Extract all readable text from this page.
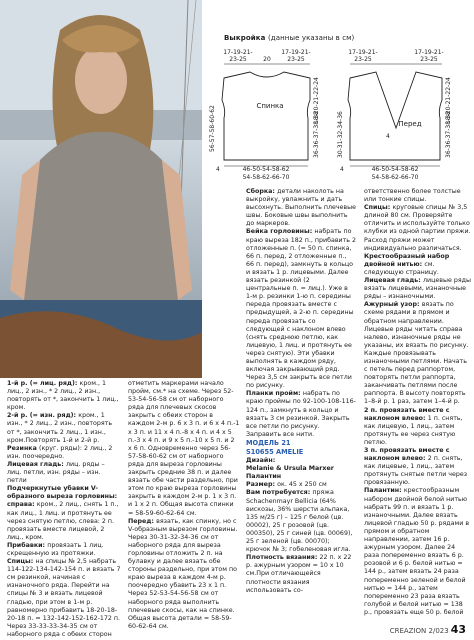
Выкройка (данные указаны в см)
17-19-21-
23-25	20
17-19-21-
23-25
Спинка
56-57-58-60-62
18-20-21-22-24
36-36-37-38-38
46-50-54-58-62
54-58-62-66-70
4
17-19-21-
23-25
17-19-21-
23-25
Перед
30-31-32-34-36
18-20-21-22-24
36-36-37-38-38
46-50-54-58-62
54-58-62-66-70
4
4

1-й р. (= лиц. ряд): кром., 1 лиц., 2 изн., * 2 лиц., 2 изн., повторять от *, закончить 1 лиц., кром.

2-й р. (= изн. ряд): кром., 1 изн., * 2 лиц., 2 изн., повторять от *, закончить 2 лиц., 1 изн., кром.Повторять 1-й и 2-й р.

Резинка (круг. ряды): 2 лиц., 2 изн. поочередно.

Лицевая гладь: лиц. ряды – лиц. петли, изн. ряды – изн. петли

Подчеркнутые убавки V-образного выреза горловины: справа: кром., 2 лиц., снять 1 п., как лиц., 1 лиц. и протянуть ее через снятую петлю, слева: 2 п. провязать вместе лицевой, 2 лиц., кром.

Прибавки: провязать 1 лиц. скрещенную из протяжки.

Спицы: на спицы № 2,5 набрать 114-122-134-142-154 п. и вязать 7 см резинкой, начиная с изнаночного ряда. Перейти на спицы № 3 и вязать лицевой гладью, при этом в 1-м р. равномерно прибавить 18-20-18-20-18 п. = 132-142-152-162-172 п. Через 33-33-33-34-35 см от наборного ряда с обеих сторон

отметить маркерами начало пройм, см.* на схеме. Через 52-53-54-56-58 см от наборного ряда для плечевых скосов закрыть с обеих сторон в каждом 2-м р. 6 х 3 п. и 6 х 4 п.-1 х 3 п. и 11 х 4 п.-8 х 4 п. и 4 х 5 п.-3 х 4 п. и 9 х 5 п.-10 х 5 п. и 2 х 6 п. Одновременно через 56-57-58-60-62 см от наборного ряда для выреза горловины закрыть средние 38 п. и далее вязать обе части раздельно, при этом по краю выреза горловины закрыть в каждом 2-м р. 1 х 3 п. и 1 х 2 п. Общая высота спинки = 58-59-60-62-64 см.

Перед: вязать, как спинку, но с V-образным вырезом горловины. Через 30-31-32-34-36 см от наборного ряда для выреза горловины отложить 2 п. на булавку и далее вязать обе стороны раздельно, при этом по краю выреза в каждом 4-м р. поочередно убавить 23 х 1 п. Через 52-53-54-56-58 см от наборного ряда выполнить плечевые скосы, как на спинке. Общая высота детали = 58-59-60-62-64 см.

Сборка: детали наколоть на выкройку, увлажнить и дать высохнуть. Выполнить плечевые швы. Боковые швы выполнить до маркеров.

Бейка горловины: набрать по краю выреза 182 п., прибавить 2 отложенные п. (= 50 п. спинка, 66 п. перед, 2 отложенные п., 66 п. перед), замкнуть в кольцо и вязать 1 р. лицевыми. Далее вязать резинкой (2 центральные п. = лиц.). Уже в 1-м р. резинки 1-ю п. середины переда провязать вместе с предыдущей, а 2-ю п. середины переда провязать со следующей с наклоном влево (снять среднюю петлю, как лицевую, 1 лиц. и протянуть ее через снятую). Эти убавки выполнять в каждом ряду, включая закрывающий ряд. Через 3,5 см закрыть все петли по рисунку.

Планки пройм: набрать по краю проймы по 92-100-108-116-124 п., замкнуть в кольцо и вязать 3 см резинкой. Закрыть все петли по рисунку. Заправить все нити.

МОДЕЛЬ 21

S10655 AMELIE

Дизайн:

Melanie & Ursula Marxer

Палантин

Размер: ок. 45 х 250 см

Вам потребуется: пряжа Schachenmayr Bellicia (64% вискозы, 36% шерсти альпака, 135 м/25 г) – 125 г белой (цв. 00002), 25 г розовой (цв. 000350), 25 г синей (цв. 00069), 25 г зеленой (цв. 00070); крючок № 3; гобеленовая игла.

Плотность вязания: 22 п. х 22 р. ажурным узором = 10 х 10 см.При отличающейся плотности вязания использовать со-

ответственно более толстые или тонкие спицы.

Спицы: круговые спицы № 3,5 длиной 80 см. Проверяйте отличить и используйте только клубки из одной партии пряжи. Расход пряжи может индивидуально различаться.

Крестообразный набор двойной нитью: см. следующую страницу.

Лицевая гладь: лицевые ряды вязать лицевыми, изнаночные ряды – изнаночными.

Ажурный узор: вязать по схеме рядами в прямом и обратном направлении. Лицевые ряды читать справа налево, изнаночные ряды не указаны, их вязать по рисунку. Каждые провязывать изнаночными петлями. Начать с петель перед раппортом, повторять петли раппорта, заканчивать петлями после раппорта. В высоту повторять 1–8-й р. 1 раз, затем 1–4-й р.

2 п. провязать вместе с наклоном влево: 1 п. снять, как лицевую, 1 лиц., затем протянуть ее через снятую петлю.

3 п. провязать вместе с наклоном влево: 2 п. снять, как лицевые, 1 лиц., затем протянуть снятые петли через провязанную.

Палантин: крестообразным набором двойной белой нитью набрать 99 п. и вязать 1 р. изнаночными. Далее вязать лицевой гладью 50 р. рядами в прямом и обратном направлении, затем 16 р. ажурным узором. Далее 24 раза попеременно вязать 6 р. розовой и 6 р. белой нитью = 144 р., затем вязать 24 раза попеременно зеленой и белой нитью = 144 р., затем попеременно 23 раза вязать голубой и белой нитью = 138 р., провязать еще 50 р. белой

CREAZION 2/023 43
